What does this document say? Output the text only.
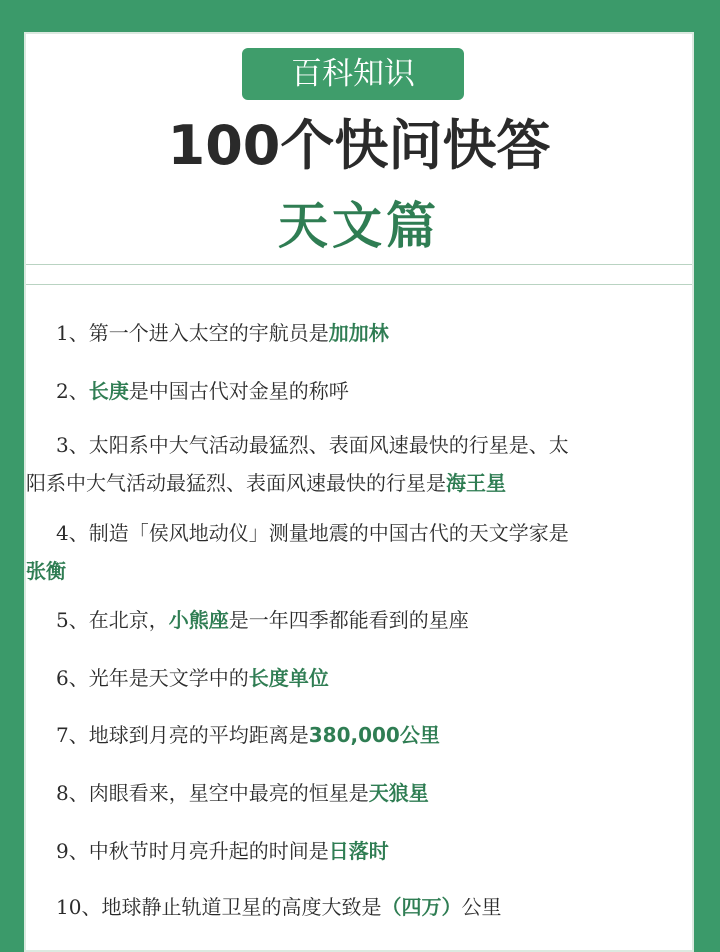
百科知识
100个快问快答
天文篇
1、第一个进入太空的宇航员是加加林
2、长庚是中国古代对金星的称呼
3、太阳系中大气活动最猛烈、表面风速最快的行星是、太
阳系中大气活动最猛烈、表面风速最快的行星是海王星
4、制造「侯风地动仪」测量地震的中国古代的天文学家是
张衡
5、在北京，小熊座是一年四季都能看到的星座
6、光年是天文学中的长度单位
7、地球到月亮的平均距离是380,000公里
8、肉眼看来，星空中最亮的恒星是天狼星
9、中秋节时月亮升起的时间是日落时
10、地球静止轨道卫星的高度大致是（四万）公里
